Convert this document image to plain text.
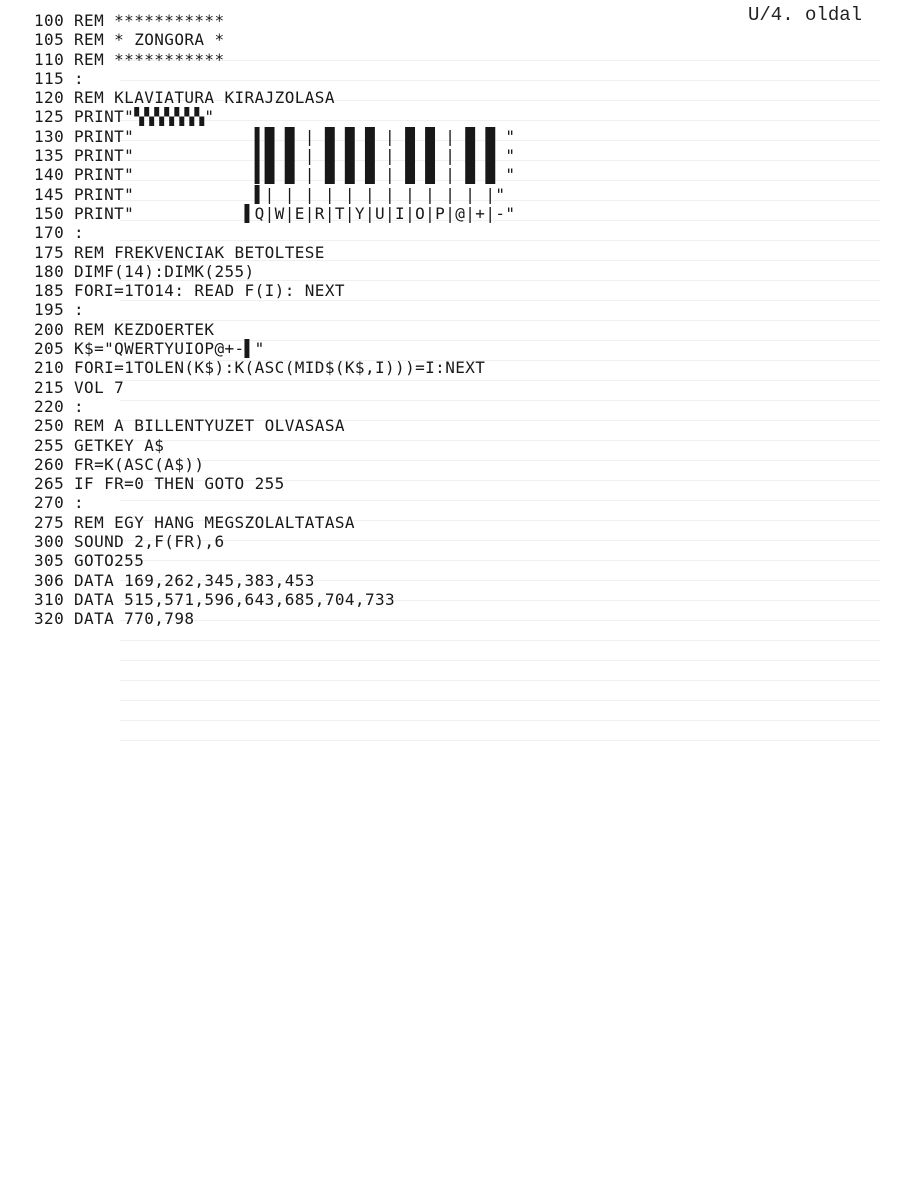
U/4. oldal
100 REM ***********
105 REM * ZONGORA *
110 REM ***********
115 :
120 REM KLAVIATURA KIRAJZOLASA
125 PRINT"▚▚▚▚▚▚▚"
130 PRINT"            ▌█ █ | █ █ █ | █ █ | █ █ "
135 PRINT"            ▌█ █ | █ █ █ | █ █ | █ █ "
140 PRINT"            ▌█ █ | █ █ █ | █ █ | █ █ "
145 PRINT"            ▌| | | | | | | | | | | |"
150 PRINT"           ▌Q|W|E|R|T|Y|U|I|O|P|@|+|-"
170 :
175 REM FREKVENCIAK BETOLTESE
180 DIMF(14):DIMK(255)
185 FORI=1TO14: READ F(I): NEXT
195 :
200 REM KEZDOERTEK
205 K$="QWERTYUIOP@+-▌"
210 FORI=1TOLEN(K$):K(ASC(MID$(K$,I)))=I:NEXT
215 VOL 7
220 :
250 REM A BILLENTYUZET OLVASASA
255 GETKEY A$
260 FR=K(ASC(A$))
265 IF FR=0 THEN GOTO 255
270 :
275 REM EGY HANG MEGSZOLALTATASA
300 SOUND 2,F(FR),6
305 GOTO255
306 DATA 169,262,345,383,453
310 DATA 515,571,596,643,685,704,733
320 DATA 770,798
